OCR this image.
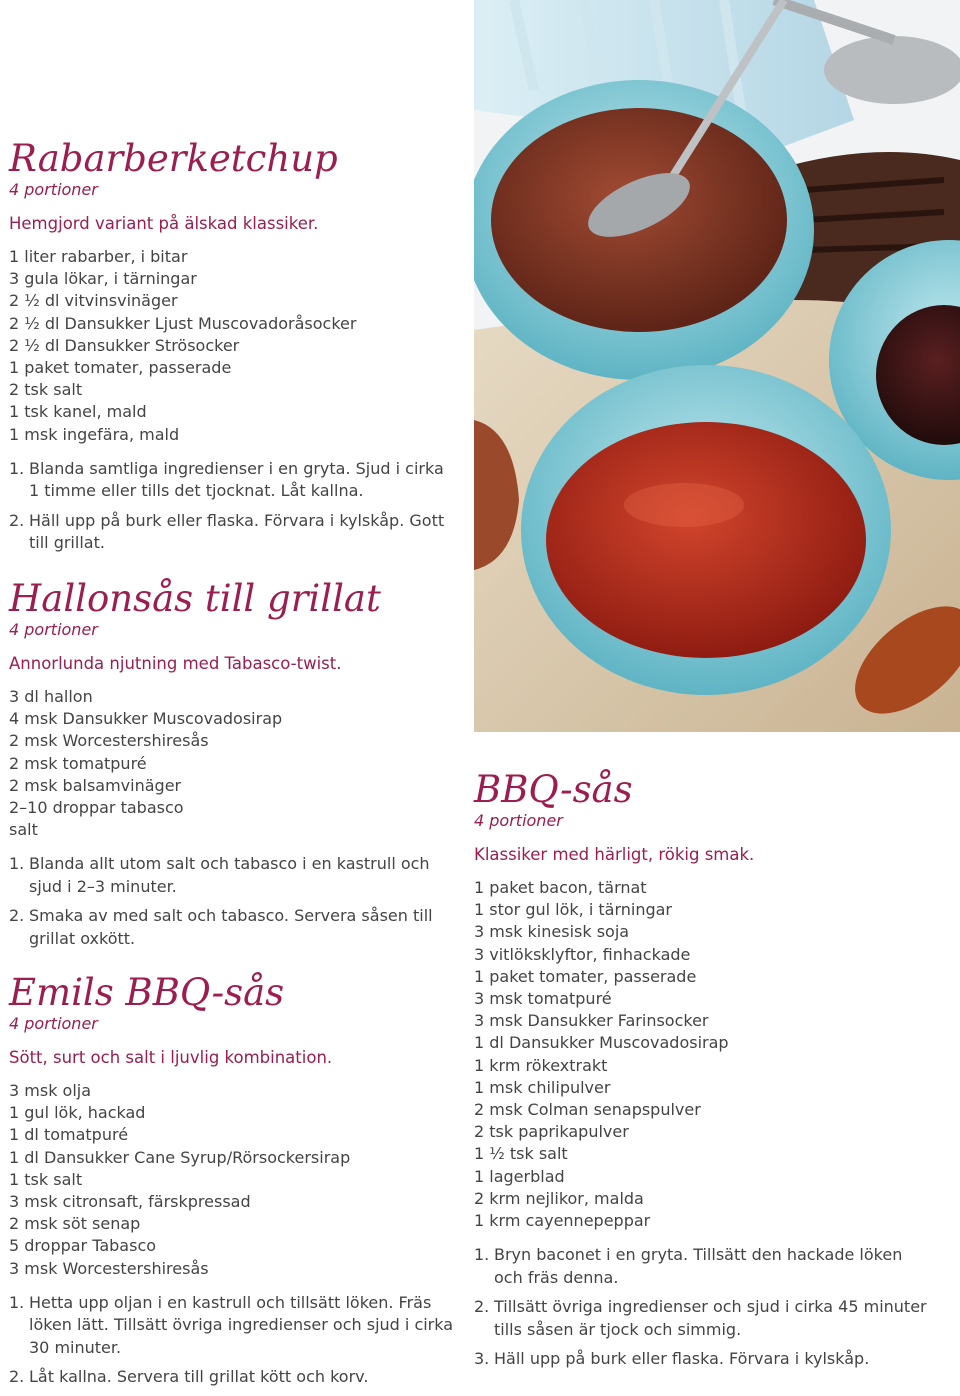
Rabarberketchup

4 portioner

Hemgjord variant på älskad klassiker.

1 liter rabarber, i bitar
3 gula lökar, i tärningar
2 ½ dl vitvinsvinäger
2 ½ dl Dansukker Ljust Muscovadoråsocker
2 ½ dl Dansukker Strösocker
1 paket tomater, passerade
2 tsk salt
1 tsk kanel, mald
1 msk ingefära, mald
1. Blanda samtliga ingredienser i en gryta. Sjud i cirka 1 timme eller tills det tjocknat. Låt kallna.
2. Häll upp på burk eller flaska. Förvara i kylskåp. Gott till grillat.
Hallonsås till grillat

4 portioner

Annorlunda njutning med Tabasco-twist.

3 dl hallon
4 msk Dansukker Muscovadosirap
2 msk Worcestershiresås
2 msk tomatpuré
2 msk balsamvinäger
2–10 droppar tabasco
salt
1. Blanda allt utom salt och tabasco i en kastrull och sjud i 2–3 minuter.
2. Smaka av med salt och tabasco. Servera såsen till grillat oxkött.
Emils BBQ-sås

4 portioner

Sött, surt och salt i ljuvlig kombination.

3 msk olja
1 gul lök, hackad
1 dl tomatpuré
1 dl Dansukker Cane Syrup/Rörsockersirap
1 tsk salt
3 msk citronsaft, färskpressad
2 msk söt senap
5 droppar Tabasco
3 msk Worcestershiresås
1. Hetta upp oljan i en kastrull och tillsätt löken. Fräs löken lätt. Tillsätt övriga ingredienser och sjud i cirka 30 minuter.
2. Låt kallna. Servera till grillat kött och korv.
BBQ-sås

4 portioner

Klassiker med härligt, rökig smak.

1 paket bacon, tärnat
1 stor gul lök, i tärningar
3 msk kinesisk soja
3 vitlöksklyftor, finhackade
1 paket tomater, passerade
3 msk tomatpuré
3 msk Dansukker Farinsocker
1 dl Dansukker Muscovadosirap
1 krm rökextrakt
1 msk chilipulver
2 msk Colman senapspulver
2 tsk paprikapulver
1 ½ tsk salt
1 lagerblad
2 krm nejlikor, malda
1 krm cayennepeppar
1. Bryn baconet i en gryta. Tillsätt den hackade löken och fräs denna.
2. Tillsätt övriga ingredienser och sjud i cirka 45 minuter tills såsen är tjock och simmig.
3. Häll upp på burk eller flaska. Förvara i kylskåp.
